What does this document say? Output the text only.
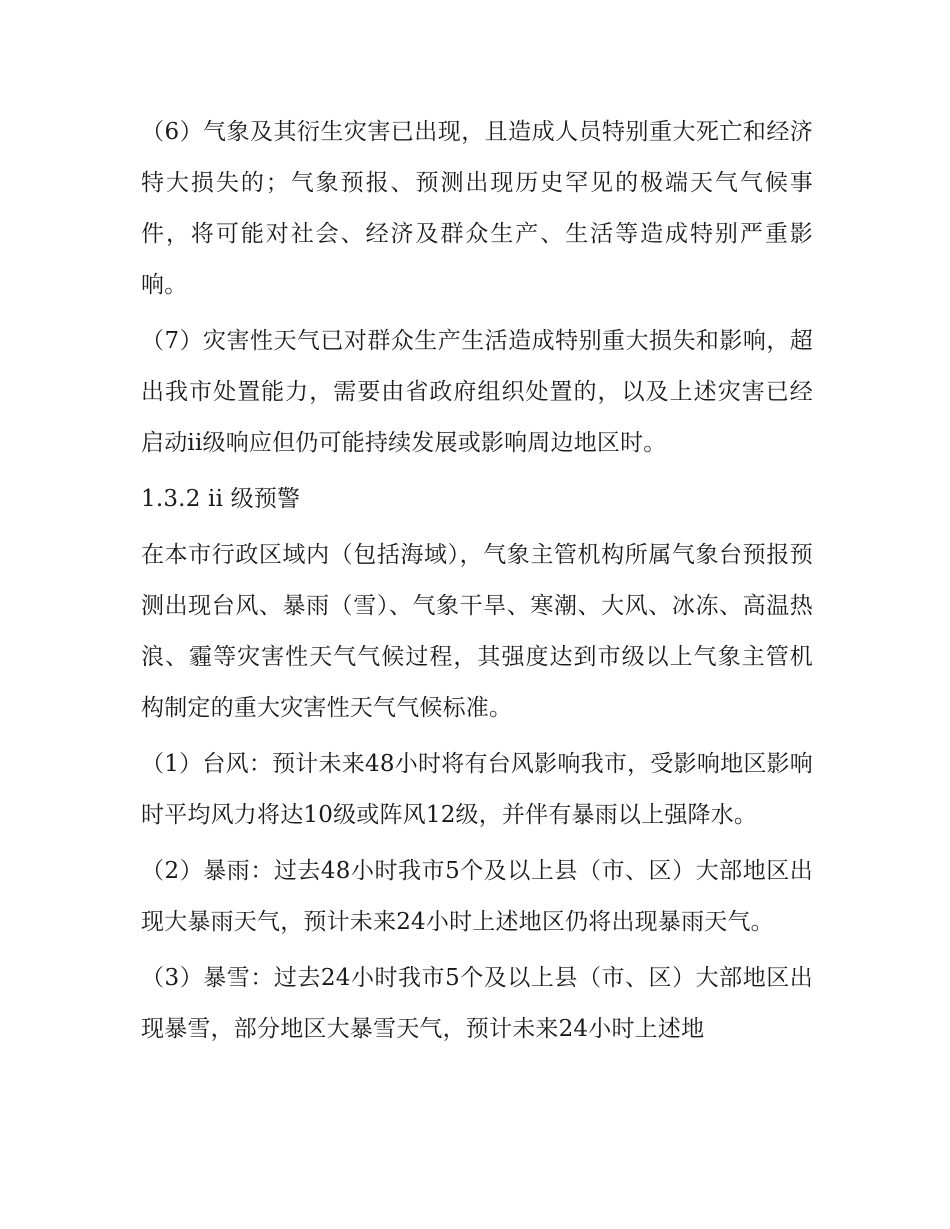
（6）气象及其衍生灾害已出现，且造成人员特别重大死亡和经济特大损失的；气象预报、预测出现历史罕见的极端天气气候事件，将可能对社会、经济及群众生产、生活等造成特别严重影响。

（7）灾害性天气已对群众生产生活造成特别重大损失和影响，超出我市处置能力，需要由省政府组织处置的，以及上述灾害已经启动ii级响应但仍可能持续发展或影响周边地区时。

1.3.2 ii 级预警

在本市行政区域内（包括海域），气象主管机构所属气象台预报预测出现台风、暴雨（雪）、气象干旱、寒潮、大风、冰冻、高温热浪、霾等灾害性天气气候过程，其强度达到市级以上气象主管机构制定的重大灾害性天气气候标准。

（1）台风：预计未来48小时将有台风影响我市，受影响地区影响时平均风力将达10级或阵风12级，并伴有暴雨以上强降水。

（2）暴雨：过去48小时我市5个及以上县（市、区）大部地区出现大暴雨天气，预计未来24小时上述地区仍将出现暴雨天气。

（3）暴雪：过去24小时我市5个及以上县（市、区）大部地区出现暴雪，部分地区大暴雪天气，预计未来24小时上述地
